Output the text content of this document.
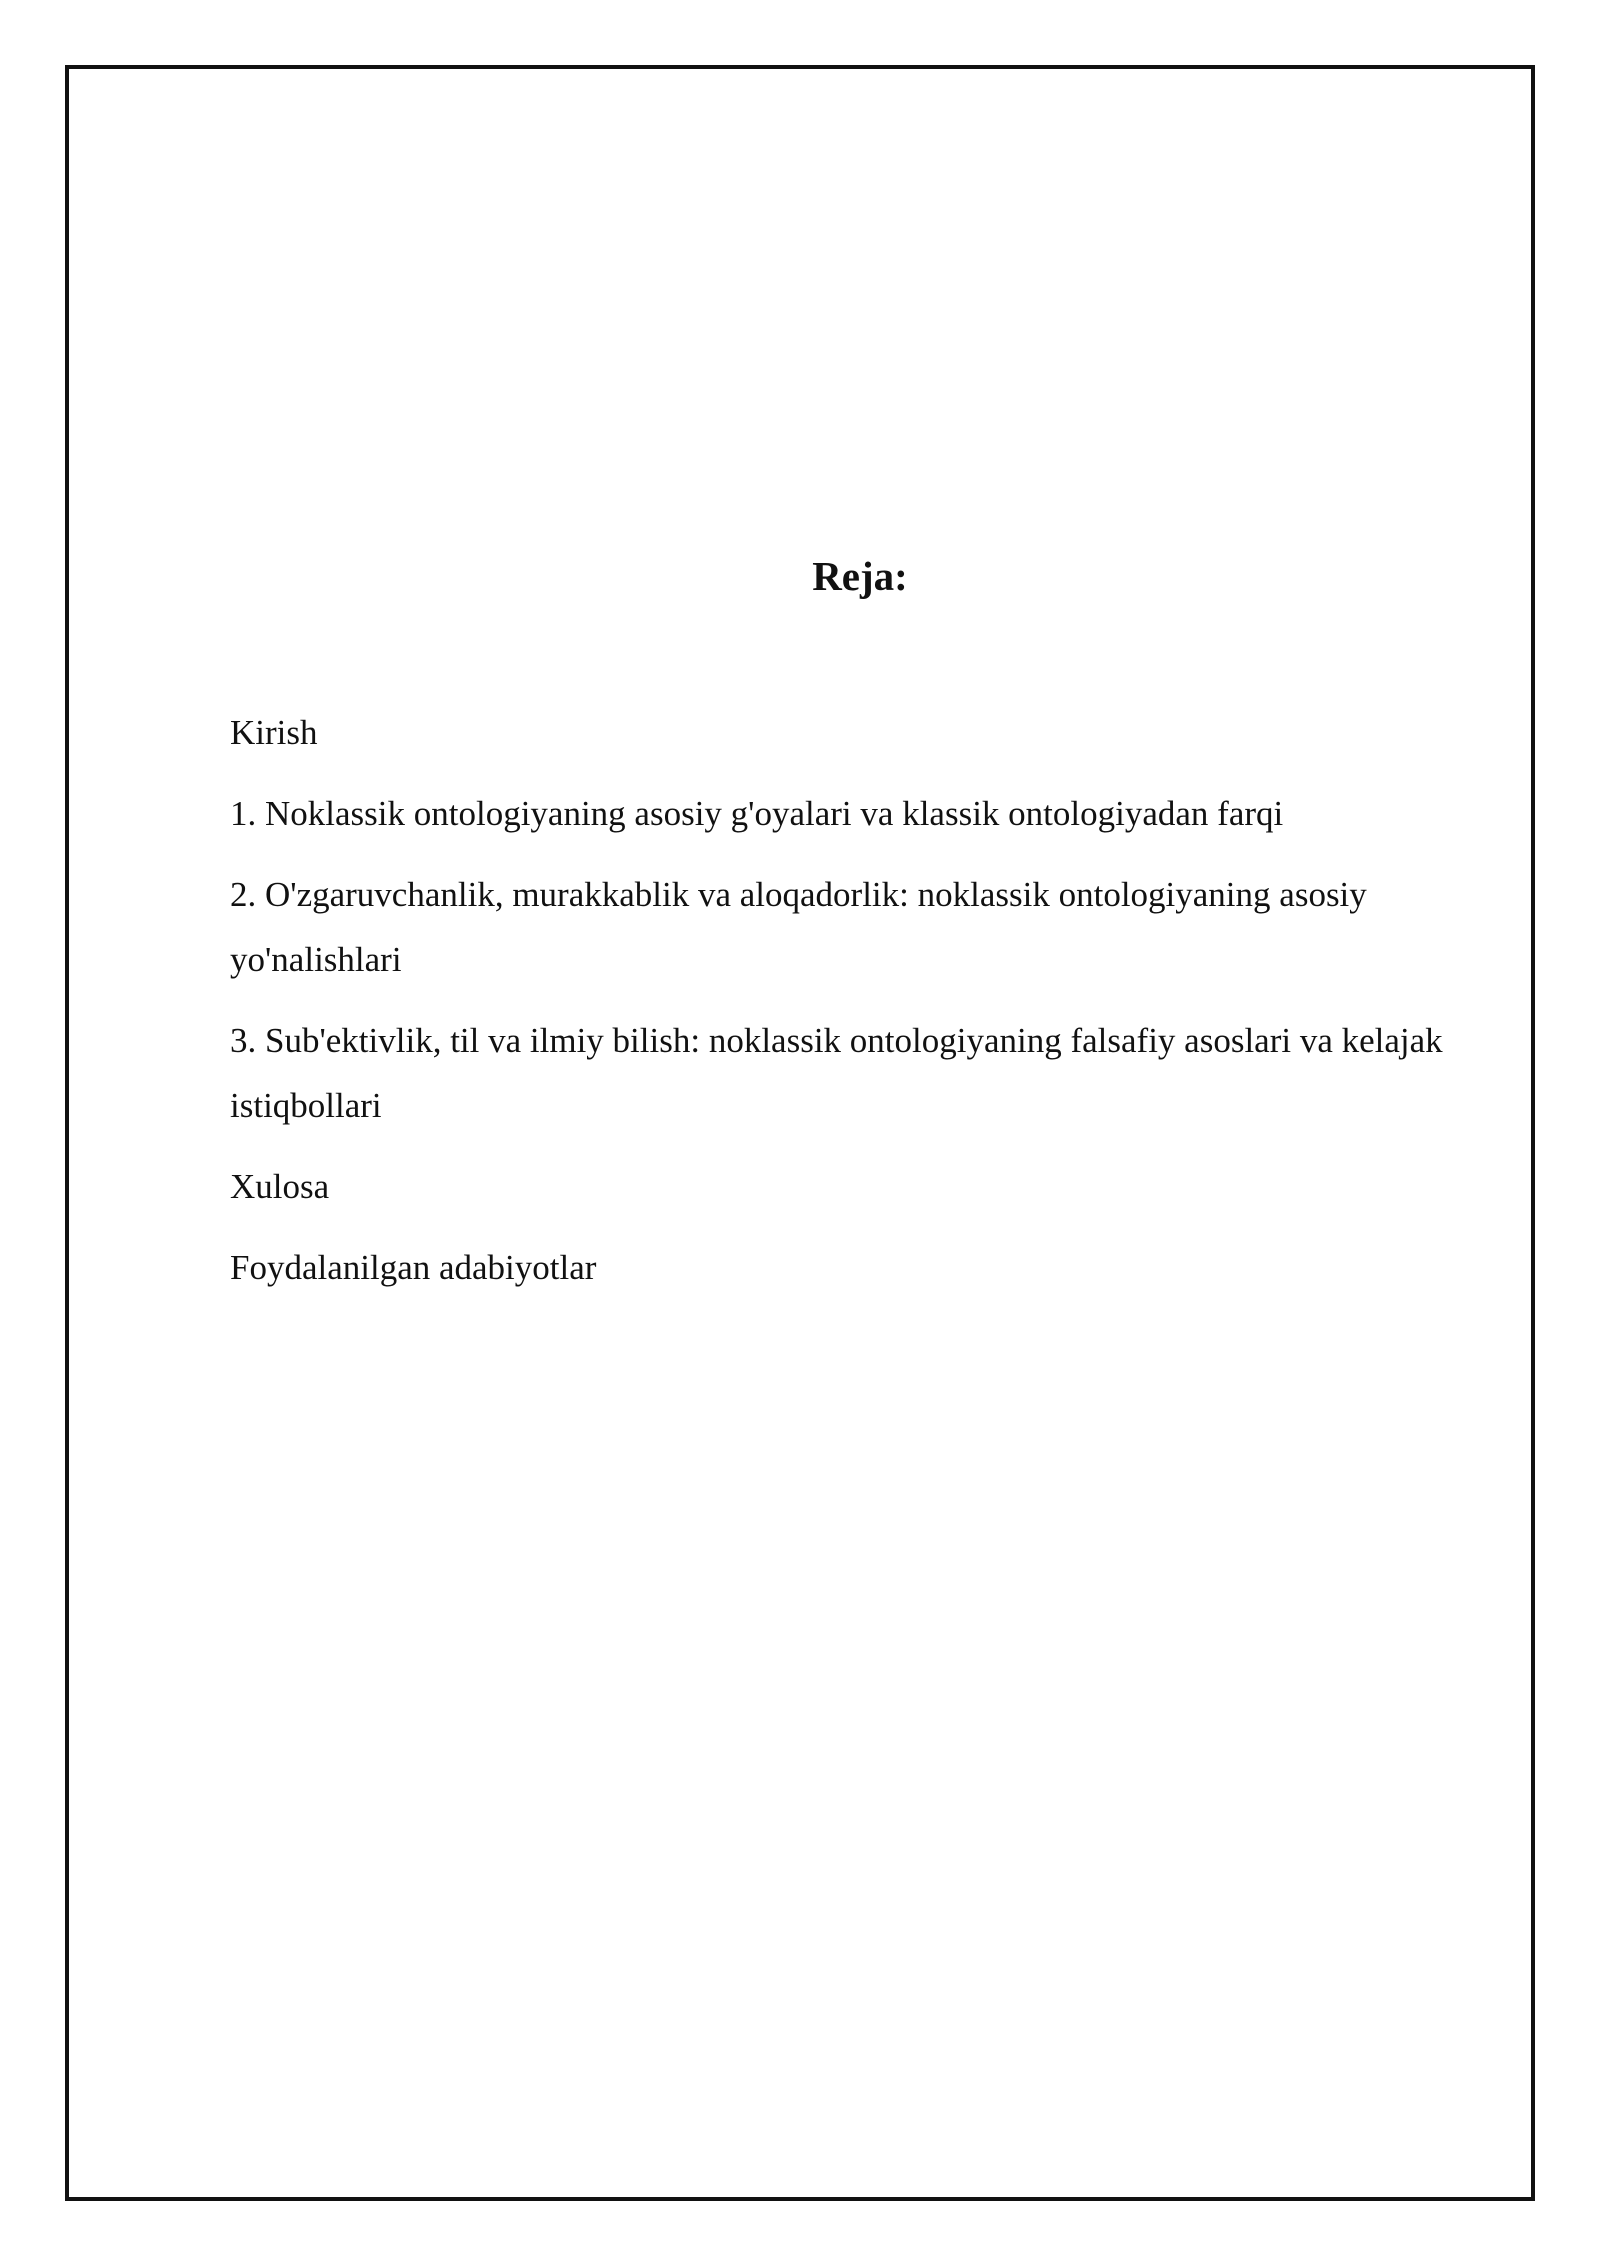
Reja:
Kirish
1. Noklassik ontologiyaning asosiy g'oyalari va klassik ontologiyadan farqi
2. O'zgaruvchanlik, murakkablik va aloqadorlik: noklassik ontologiyaning asosiy yo'nalishlari
3. Sub'ektivlik, til va ilmiy bilish: noklassik ontologiyaning falsafiy asoslari va kelajak istiqbollari
Xulosa
Foydalanilgan adabiyotlar
